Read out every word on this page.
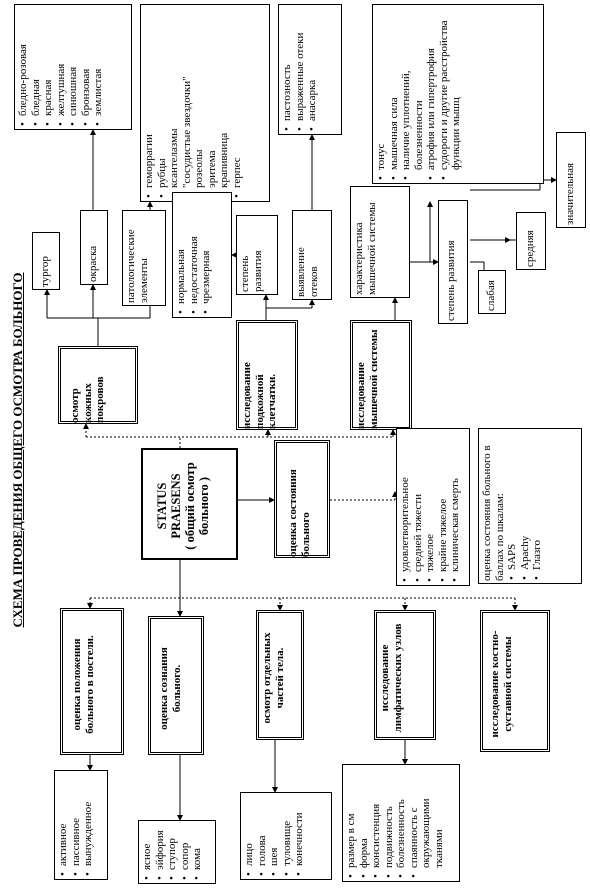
СХЕМА ПРОВЕДЕНИЯ ОБЩЕГО ОСМОТРА БОЛЬНОГО	STATUS PRAESENS ( общий осмотр больного )
осмотр кожных покровов
тургор	окраска
• бледно-розовая • бледная • красная • желтушная • синюшная • бронзовая • землистая
патологические элементы
• геморрагии • рубцы • ксантелазмы • "сосудистые звездочки" • розеолы • эритема • крапивница • герпес
исследование подкожной клетчатки.
степень развития
• нормальная • недостаточная • чрезмерная	выявление отеков
• пастозность • выраженные отеки • анасарка
исследование мышечной системы
характеристика мышечной системы
• тонус • мышечная сила • наличие уплотнений, болезненности • атрофия или гипертрофия • судороги и другие расстройства функции мышц
степень развития	слабая
средняя
значительная
оценка состояния больного	• удовлетворительное • средней тяжести • тяжелое • крайне тяжелое • клиническая смерть оценка состояния больного в баллах по шкалам: • SAPS • Apachy • Глазго
оценка положения больного в постели.
• активное • пассивное • вынужденное
оценка сознания больного.
• ясное • эйфория • ступор • сопор • кома
осмотр отдельных частей тела.
• лицо • голова • шея • туловище • конечности
исследование лимфатических узлов
• размер в см • форма • консистенция • подвижность • болезненность • спаянность с окружающими тканями
исследование костно-суставной системы
